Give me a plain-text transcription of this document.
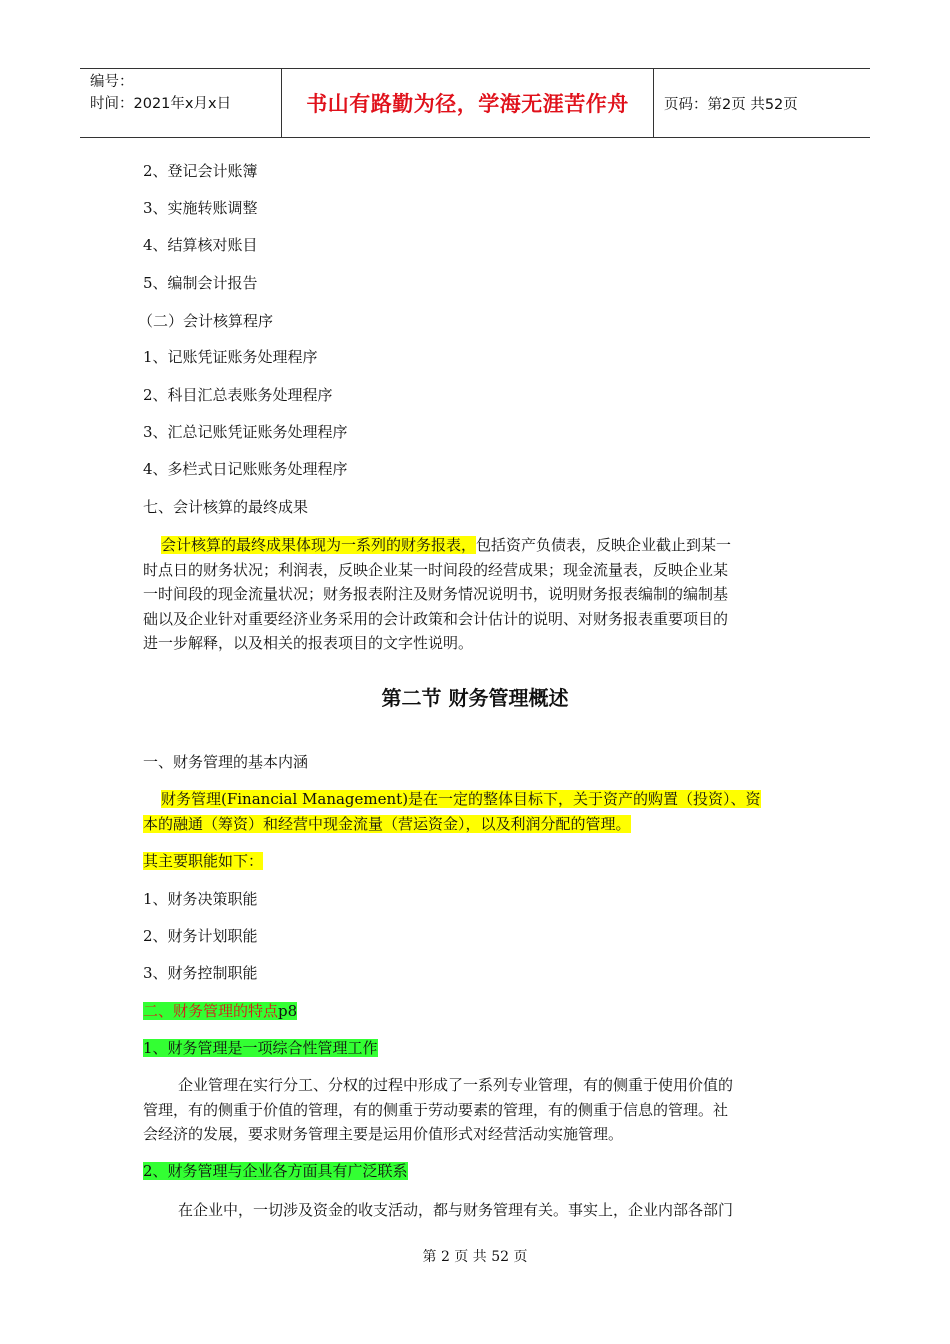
编号：
时间：2021年x月x日	书山有路勤为径，学海无涯苦作舟	页码：第2页 共52页
2、登记会计账簿
3、实施转账调整
4、结算核对账目
5、编制会计报告
（二）会计核算程序
1、记账凭证账务处理程序
2、科目汇总表账务处理程序
3、汇总记账凭证账务处理程序
4、多栏式日记账账务处理程序
七、会计核算的最终成果
会计核算的最终成果体现为一系列的财务报表，包括资产负债表，反映企业截止到某一
时点日的财务状况；利润表，反映企业某一时间段的经营成果；现金流量表，反映企业某
一时间段的现金流量状况；财务报表附注及财务情况说明书，说明财务报表编制的编制基
础以及企业针对重要经济业务采用的会计政策和会计估计的说明、对财务报表重要项目的
进一步解释，以及相关的报表项目的文字性说明。
第二节 财务管理概述
一、财务管理的基本内涵
财务管理(Financial Management)是在一定的整体目标下，关于资产的购置（投资）、资
本的融通（筹资）和经营中现金流量（营运资金），以及利润分配的管理。
其主要职能如下：
1、财务决策职能
2、财务计划职能
3、财务控制职能
二、财务管理的特点p8
1、财务管理是一项综合性管理工作
企业管理在实行分工、分权的过程中形成了一系列专业管理，有的侧重于使用价值的
管理，有的侧重于价值的管理，有的侧重于劳动要素的管理，有的侧重于信息的管理。社
会经济的发展，要求财务管理主要是运用价值形式对经营活动实施管理。
2、财务管理与企业各方面具有广泛联系
在企业中，一切涉及资金的收支活动，都与财务管理有关。事实上，企业内部各部门
第 2 页 共 52 页
